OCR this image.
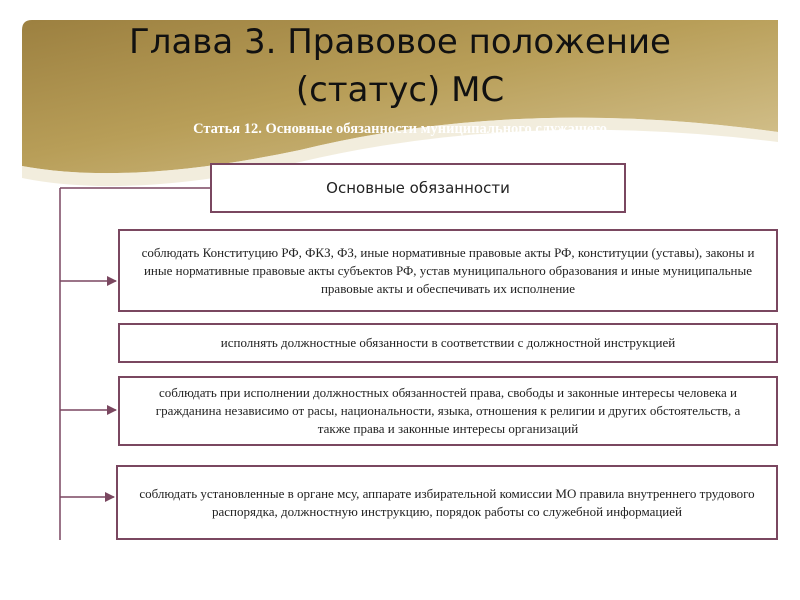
Глава 3. Правовое положение
(статус) МС
Статья 12. Основные обязанности муниципального служащего
Основные обязанности
соблюдать Конституцию РФ, ФКЗ, ФЗ, иные нормативные правовые акты РФ, конституции (уставы), законы и иные нормативные правовые акты субъектов РФ, устав муниципального образования и иные муниципальные правовые акты и обеспечивать их исполнение
исполнять должностные обязанности в соответствии с должностной инструкцией
соблюдать при исполнении должностных обязанностей права, свободы и законные интересы человека и гражданина независимо от расы, национальности, языка, отношения к религии и других обстоятельств, а также права и законные интересы организаций
соблюдать установленные в органе мсу, аппарате избирательной комиссии МО правила внутреннего трудового распорядка, должностную инструкцию, порядок работы со служебной информацией
